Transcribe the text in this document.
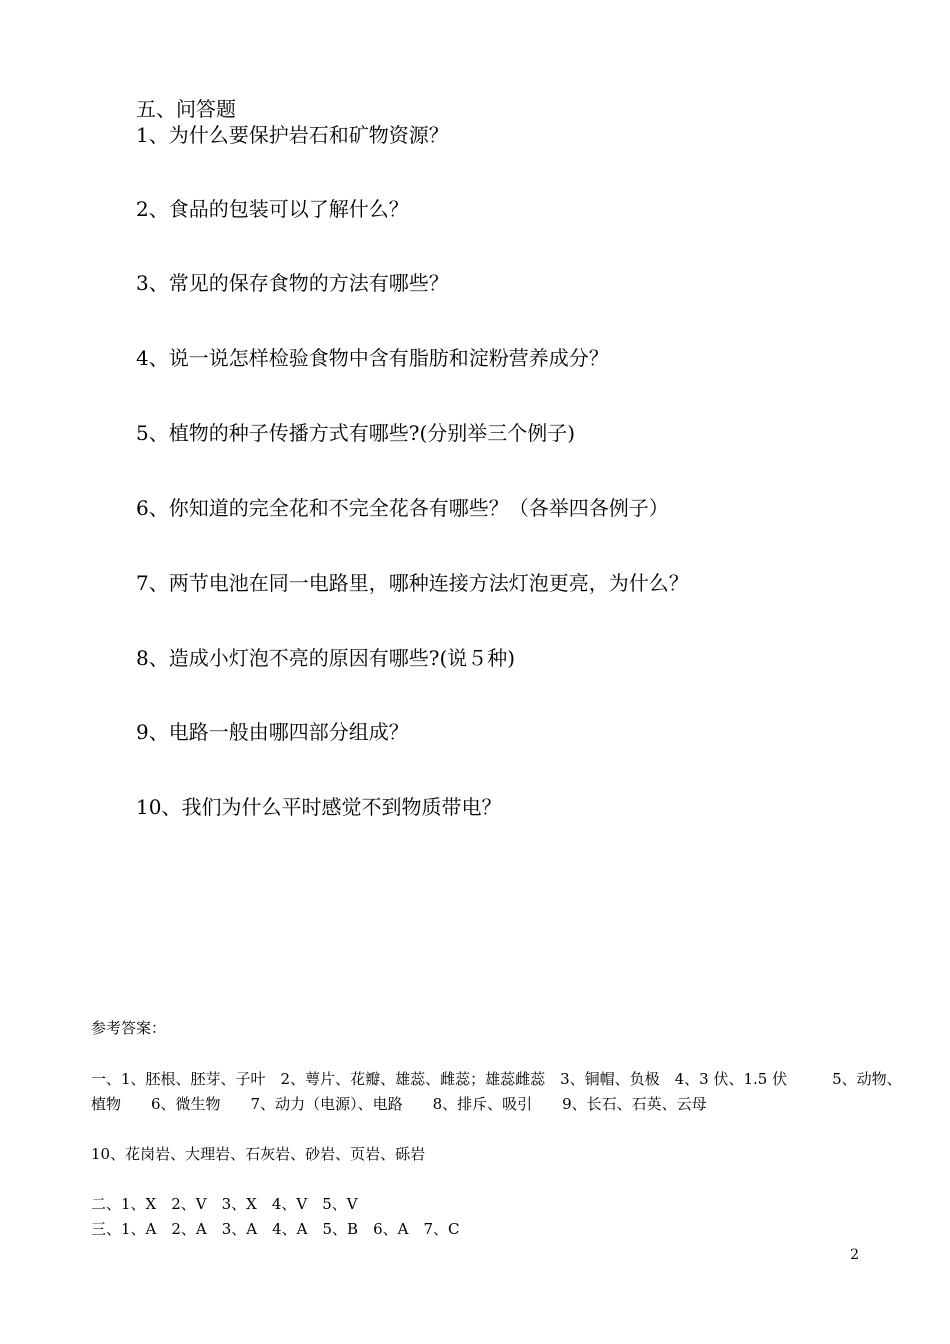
五、问答题
1、为什么要保护岩石和矿物资源？
2、食品的包装可以了解什么？
3、常见的保存食物的方法有哪些？
4、说一说怎样检验食物中含有脂肪和淀粉营养成分？
5、植物的种子传播方式有哪些?(分别举三个例子)
6、你知道的完全花和不完全花各有哪些？（各举四各例子）
7、两节电池在同一电路里，哪种连接方法灯泡更亮，为什么？
8、造成小灯泡不亮的原因有哪些?(说５种)
9、电路一般由哪四部分组成？
10、我们为什么平时感觉不到物质带电？
参考答案：
一、1、胚根、胚芽、子叶　2、萼片、花瓣、雄蕊、雌蕊；雄蕊雌蕊　3、铜帽、负极　4、3 伏、1.5 伏　　　5、动物、
植物　　6、微生物　　7、动力（电源）、电路　　8、排斥、吸引　　9、长石、石英、云母
10、花岗岩、大理岩、石灰岩、砂岩、页岩、砾岩
二、1、X　2、V　3、X　4、V　5、V
三、1、A　2、A　3、A　4、A　5、B　6、A　7、C
2
